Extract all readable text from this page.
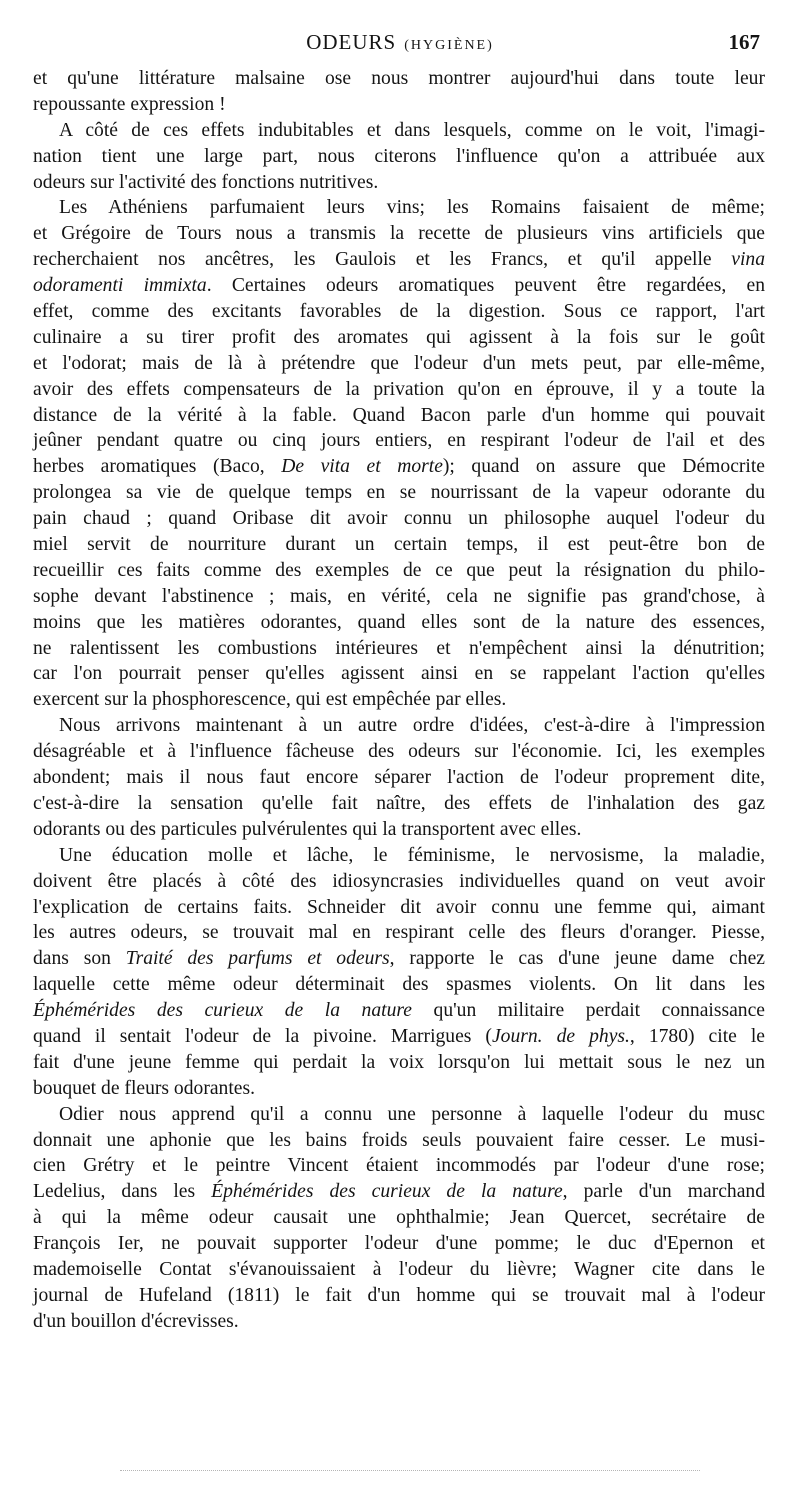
ODEURS (HYGIÈNE)	167
et qu'une littérature malsaine ose nous montrer aujourd'hui dans toute leur
repoussante expression !
A côté de ces effets indubitables et dans lesquels, comme on le voit, l'imagi-
nation tient une large part, nous citerons l'influence qu'on a attribuée aux
odeurs sur l'activité des fonctions nutritives.
Les Athéniens parfumaient leurs vins; les Romains faisaient de même;
et Grégoire de Tours nous a transmis la recette de plusieurs vins artificiels que
recherchaient nos ancêtres, les Gaulois et les Francs, et qu'il appelle vina
odoramenti immixta. Certaines odeurs aromatiques peuvent être regardées, en
effet, comme des excitants favorables de la digestion. Sous ce rapport, l'art
culinaire a su tirer profit des aromates qui agissent à la fois sur le goût
et l'odorat; mais de là à prétendre que l'odeur d'un mets peut, par elle-même,
avoir des effets compensateurs de la privation qu'on en éprouve, il y a toute la
distance de la vérité à la fable. Quand Bacon parle d'un homme qui pouvait
jeûner pendant quatre ou cinq jours entiers, en respirant l'odeur de l'ail et des
herbes aromatiques (Baco, De vita et morte); quand on assure que Démocrite
prolongea sa vie de quelque temps en se nourrissant de la vapeur odorante du
pain chaud ; quand Oribase dit avoir connu un philosophe auquel l'odeur du
miel servit de nourriture durant un certain temps, il est peut-être bon de
recueillir ces faits comme des exemples de ce que peut la résignation du philo-
sophe devant l'abstinence ; mais, en vérité, cela ne signifie pas grand'chose, à
moins que les matières odorantes, quand elles sont de la nature des essences,
ne ralentissent les combustions intérieures et n'empêchent ainsi la dénutrition;
car l'on pourrait penser qu'elles agissent ainsi en se rappelant l'action qu'elles
exercent sur la phosphorescence, qui est empêchée par elles.
Nous arrivons maintenant à un autre ordre d'idées, c'est-à-dire à l'impression
désagréable et à l'influence fâcheuse des odeurs sur l'économie. Ici, les exemples
abondent; mais il nous faut encore séparer l'action de l'odeur proprement dite,
c'est-à-dire la sensation qu'elle fait naître, des effets de l'inhalation des gaz
odorants ou des particules pulvérulentes qui la transportent avec elles.
Une éducation molle et lâche, le féminisme, le nervosisme, la maladie,
doivent être placés à côté des idiosyncrasies individuelles quand on veut avoir
l'explication de certains faits. Schneider dit avoir connu une femme qui, aimant
les autres odeurs, se trouvait mal en respirant celle des fleurs d'oranger. Piesse,
dans son Traité des parfums et odeurs, rapporte le cas d'une jeune dame chez
laquelle cette même odeur déterminait des spasmes violents. On lit dans les
Éphémérides des curieux de la nature qu'un militaire perdait connaissance
quand il sentait l'odeur de la pivoine. Marrigues (Journ. de phys., 1780) cite le
fait d'une jeune femme qui perdait la voix lorsqu'on lui mettait sous le nez un
bouquet de fleurs odorantes.
Odier nous apprend qu'il a connu une personne à laquelle l'odeur du musc
donnait une aphonie que les bains froids seuls pouvaient faire cesser. Le musi-
cien Grétry et le peintre Vincent étaient incommodés par l'odeur d'une rose;
Ledelius, dans les Éphémérides des curieux de la nature, parle d'un marchand
à qui la même odeur causait une ophthalmie; Jean Quercet, secrétaire de
François Ier, ne pouvait supporter l'odeur d'une pomme; le duc d'Epernon et
mademoiselle Contat s'évanouissaient à l'odeur du lièvre; Wagner cite dans le
journal de Hufeland (1811) le fait d'un homme qui se trouvait mal à l'odeur
d'un bouillon d'écrevisses.
